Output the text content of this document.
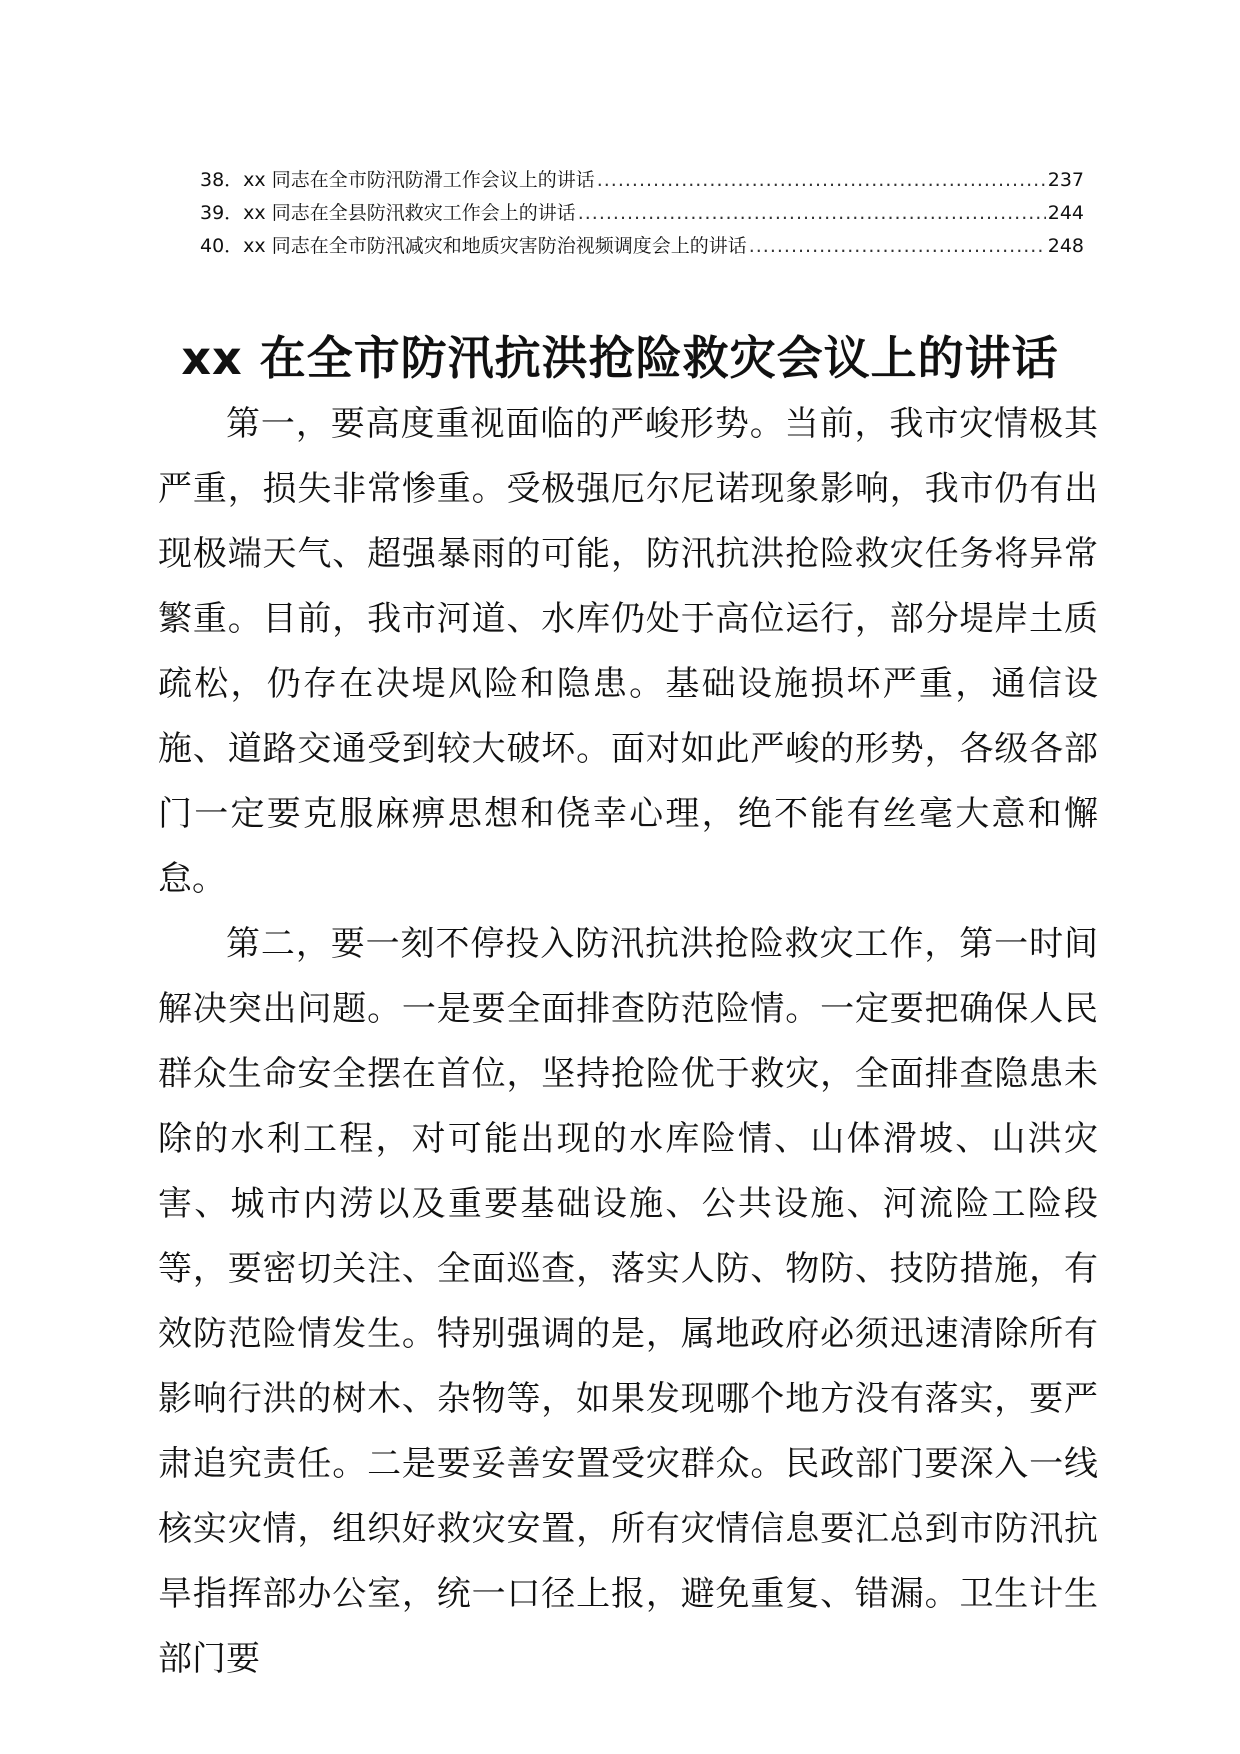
38．xx 同志在全市防汛防滑工作会议上的讲话 .....	237
39．xx 同志在全县防汛救灾工作会上的讲话 .....	244
40．xx 同志在全市防汛减灾和地质灾害防治视频调度会上的讲话 .....	248
xx 在全市防汛抗洪抢险救灾会议上的讲话

第一，要高度重视面临的严峻形势。当前，我市灾情极其严重，损失非常惨重。受极强厄尔尼诺现象影响，我市仍有出现极端天气、超强暴雨的可能，防汛抗洪抢险救灾任务将异常繁重。目前，我市河道、水库仍处于高位运行，部分堤岸土质疏松，仍存在决堤风险和隐患。基础设施损坏严重，通信设施、道路交通受到较大破坏。面对如此严峻的形势，各级各部门一定要克服麻痹思想和侥幸心理，绝不能有丝毫大意和懈怠。

第二，要一刻不停投入防汛抗洪抢险救灾工作，第一时间解决突出问题。一是要全面排查防范险情。一定要把确保人民群众生命安全摆在首位，坚持抢险优于救灾，全面排查隐患未除的水利工程，对可能出现的水库险情、山体滑坡、山洪灾害、城市内涝以及重要基础设施、公共设施、河流险工险段等，要密切关注、全面巡查，落实人防、物防、技防措施，有效防范险情发生。特别强调的是，属地政府必须迅速清除所有影响行洪的树木、杂物等，如果发现哪个地方没有落实，要严肃追究责任。二是要妥善安置受灾群众。民政部门要深入一线核实灾情，组织好救灾安置，所有灾情信息要汇总到市防汛抗旱指挥部办公室，统一口径上报，避免重复、错漏。卫生计生部门要
